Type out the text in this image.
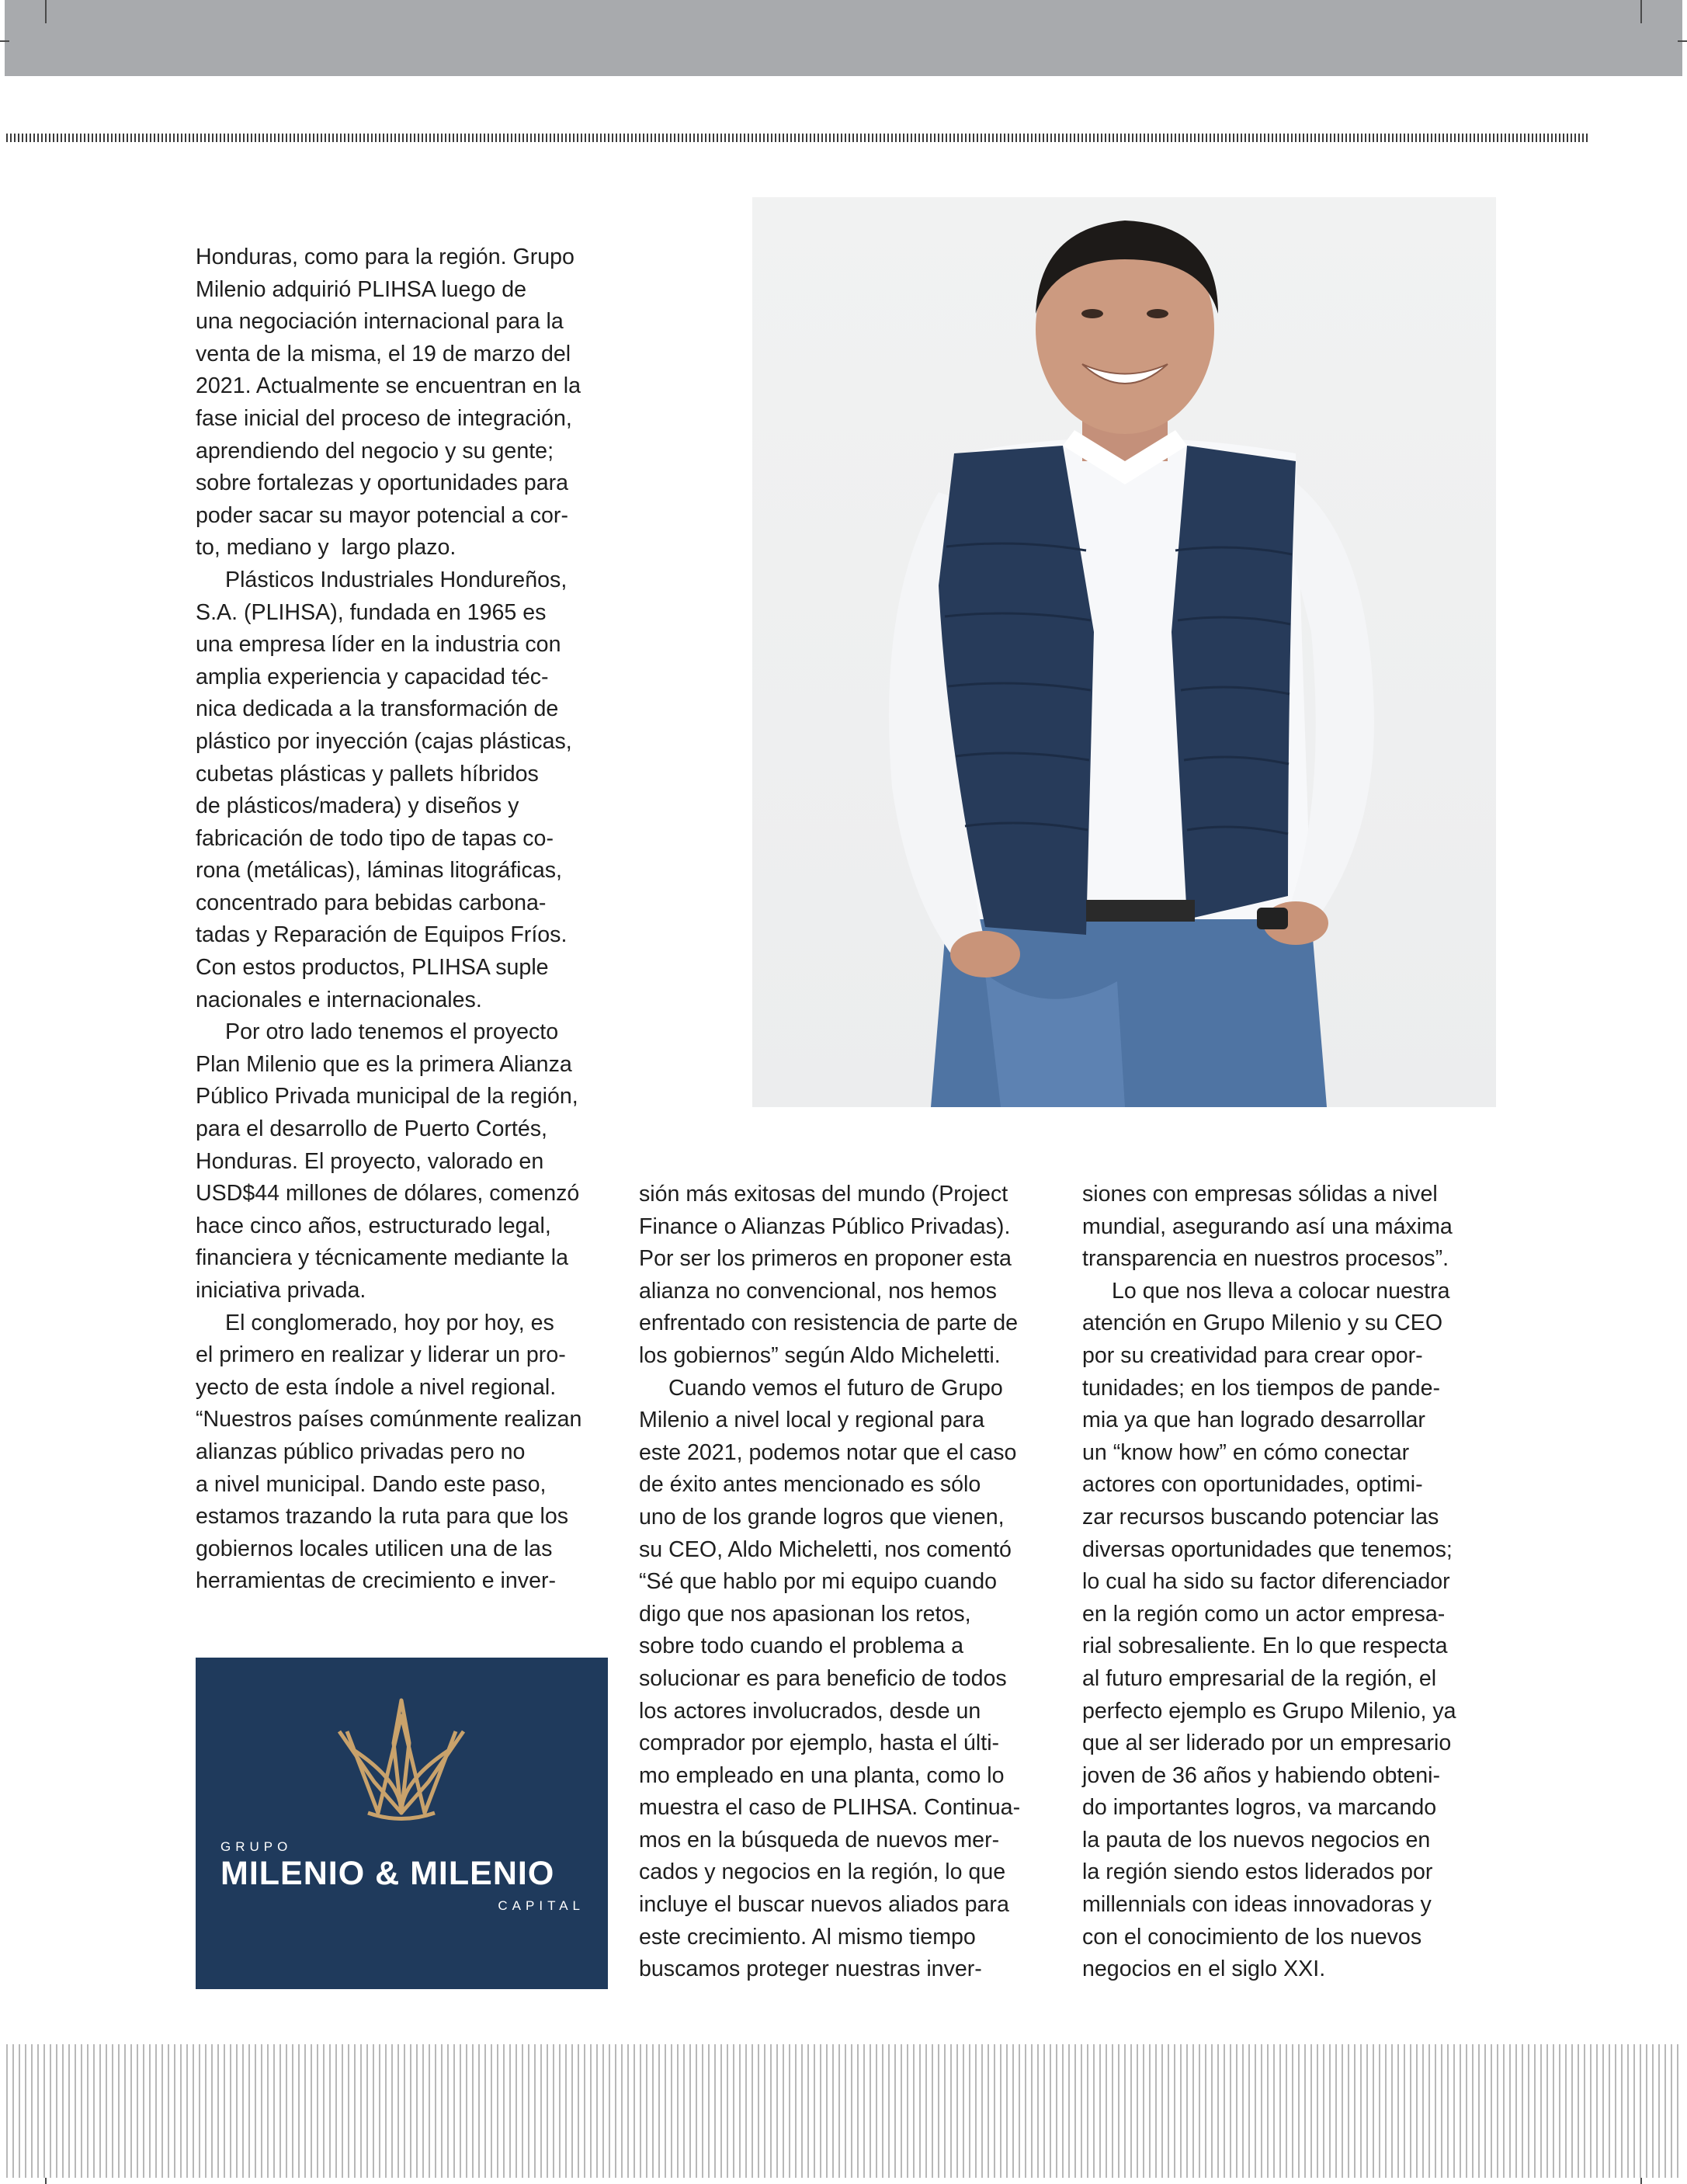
Honduras, como para la región. Grupo

Milenio adquirió PLIHSA luego de

una negociación internacional para la

venta de la misma, el 19 de marzo del

2021. Actualmente se encuentran en la

fase inicial del proceso de integración,

aprendiendo del negocio y su gente;

sobre fortalezas y oportunidades para

poder sacar su mayor potencial a cor-

to, mediano y  largo plazo.

Plásticos Industriales Hondureños,

S.A. (PLIHSA), fundada en 1965 es

una empresa líder en la industria con

amplia experiencia y capacidad téc-

nica dedicada a la transformación de

plástico por inyección (cajas plásticas,

cubetas plásticas y pallets híbridos

de plásticos/madera) y diseños y

fabricación de todo tipo de tapas co-

rona (metálicas), láminas litográficas,

concentrado para bebidas carbona-

tadas y Reparación de Equipos Fríos.

Con estos productos, PLIHSA suple

nacionales e internacionales.

Por otro lado tenemos el proyecto

Plan Milenio que es la primera Alianza

Público Privada municipal de la región,

para el desarrollo de Puerto Cortés,

Honduras. El proyecto, valorado en

USD$44 millones de dólares, comenzó

hace cinco años, estructurado legal,

financiera y técnicamente mediante la

iniciativa privada.

El conglomerado, hoy por hoy, es

el primero en realizar y liderar un pro-

yecto de esta índole a nivel regional.

“Nuestros países comúnmente realizan

alianzas público privadas pero no

a nivel municipal. Dando este paso,

estamos trazando la ruta para que los

gobiernos locales utilicen una de las

herramientas de crecimiento e inver-

sión más exitosas del mundo (Project

Finance o Alianzas Público Privadas).

Por ser los primeros en proponer esta

alianza no convencional, nos hemos

enfrentado con resistencia de parte de

los gobiernos” según Aldo Micheletti.

Cuando vemos el futuro de Grupo

Milenio a nivel local y regional para

este 2021, podemos notar que el caso

de éxito antes mencionado es sólo

uno de los grande logros que vienen,

su CEO, Aldo Micheletti, nos comentó

“Sé que hablo por mi equipo cuando

digo que nos apasionan los retos,

sobre todo cuando el problema a

solucionar es para beneficio de todos

los actores involucrados, desde un

comprador por ejemplo, hasta el últi-

mo empleado en una planta, como lo

muestra el caso de PLIHSA. Continua-

mos en la búsqueda de nuevos mer-

cados y negocios en la región, lo que

incluye el buscar nuevos aliados para

este crecimiento. Al mismo tiempo

buscamos proteger nuestras inver-

siones con empresas sólidas a nivel

mundial, asegurando así una máxima

transparencia en nuestros procesos”.

Lo que nos lleva a colocar nuestra

atención en Grupo Milenio y su CEO

por su creatividad para crear opor-

tunidades; en los tiempos de pande-

mia ya que han logrado desarrollar

un “know how” en cómo conectar

actores con oportunidades, optimi-

zar recursos buscando potenciar las

diversas oportunidades que tenemos;

lo cual ha sido su factor diferenciador

en la región como un actor empresa-

rial sobresaliente. En lo que respecta

al futuro empresarial de la región, el

perfecto ejemplo es Grupo Milenio, ya

que al ser liderado por un empresario

joven de 36 años y habiendo obteni-

do importantes logros, va marcando

la pauta de los nuevos negocios en

la región siendo estos liderados por

millennials con ideas innovadoras y

con el conocimiento de los nuevos

negocios en el siglo XXI.

GRUPO
MILENIO & MILENIO
CAPITAL
